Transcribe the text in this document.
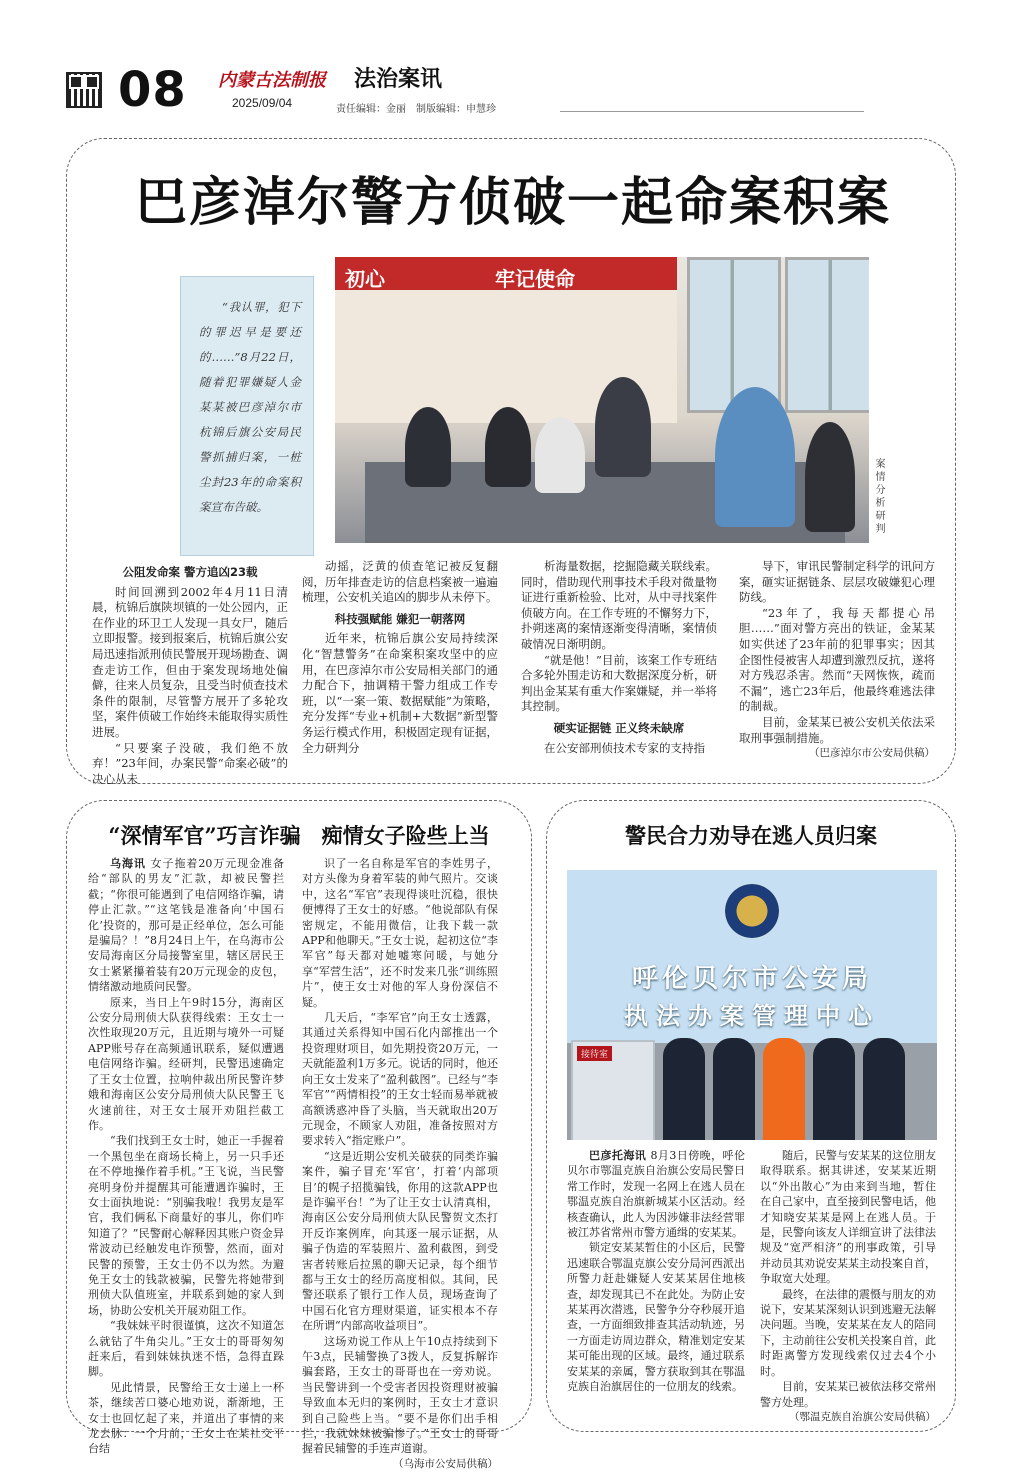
08 内蒙古法制报
2025/09/04
法治案讯
责任编辑：金丽　制版编辑：申慧珍
巴彦淖尔警方侦破一起命案积案
初心	牢记使命
案情分析研判
“我认罪，犯下的罪迟早是要还的……”8月22日，随着犯罪嫌疑人金某某被巴彦淖尔市杭锦后旗公安局民警抓捕归案，一桩尘封23年的命案积案宣布告破。

公阻发命案 警方追凶23载

时间回溯到2002年4月11日清晨，杭锦后旗陕坝镇的一处公园内，正在作业的环卫工人发现一具女尸，随后立即报警。接到报案后，杭锦后旗公安局迅速指派刑侦民警展开现场勘查、调查走访工作，但由于案发现场地处偏僻，往来人员复杂，且受当时侦查技术条件的限制，尽管警方展开了多轮攻坚，案件侦破工作始终未能取得实质性进展。

“只要案子没破，我们绝不放弃！”23年间，办案民警“命案必破”的决心从未

动摇，泛黄的侦查笔记被反复翻阅，历年排查走访的信息档案被一遍遍梳理，公安机关追凶的脚步从未停下。

科技强赋能 嫌犯一朝落网

近年来，杭锦后旗公安局持续深化“智慧警务”在命案积案攻坚中的应用，在巴彦淖尔市公安局相关部门的通力配合下，抽调精干警力组成工作专班，以“一案一策、数据赋能”为策略，充分发挥“专业+机制+大数据”新型警务运行模式作用，积极固定现有证据，全力研判分

析海量数据，挖掘隐藏关联线索。同时，借助现代刑事技术手段对微量物证进行重新检验、比对，从中寻找案件侦破方向。在工作专班的不懈努力下，扑朔迷离的案情逐渐变得清晰，案情侦破情况日渐明朗。

“就是他！”目前，该案工作专班结合多轮外围走访和大数据深度分析，研判出金某某有重大作案嫌疑，并一举将其控制。

硬实证据链 正义终未缺席

在公安部刑侦技术专家的支持指

导下，审讯民警制定科学的讯问方案，砸实证据链条、层层攻破嫌犯心理防线。

“23年了，我每天都提心吊胆……”面对警方亮出的铁证，金某某如实供述了23年前的犯罪事实；因其企图性侵被害人却遭到激烈反抗，遂将对方残忍杀害。然而“天网恢恢，疏而不漏”，逃亡23年后，他最终难逃法律的制裁。

目前，金某某已被公安机关依法采取刑事强制措施。

（巴彦淖尔市公安局供稿）

“深情军官”巧言诈骗　痴情女子险些上当

乌海讯 女子拖着20万元现金准备给“部队的男友”汇款，却被民警拦截；“你很可能遇到了电信网络诈骗，请停止汇款。”“这笔钱是准备向‘中国石化’投资的，那可是正经单位，怎么可能是骗局？！”8月24日上午，在乌海市公安局海南区分局接警室里，辖区居民王女士紧紧攥着装有20万元现金的皮包，情绪激动地质问民警。

原来，当日上午9时15分，海南区公安分局刑侦大队获得线索：王女士一次性取现20万元，且近期与境外一可疑APP账号存在高频通讯联系，疑似遭遇电信网络诈骗。经研判，民警迅速确定了王女士位置，拉响仲裁出所民警许梦娥和海南区公安分局刑侦大队民警王飞火速前往，对王女士展开劝阻拦截工作。

“我们找到王女士时，她正一手握着一个黑包坐在商场长椅上，另一只手还在不停地操作着手机。”王飞说，当民警亮明身份并提醒其可能遭遇诈骗时，王女士面执地说：“别骗我啦！我男友是军官，我们俩私下商量好的事儿，你们咋知道了？”民警耐心解释因其账户资金异常波动已经触发电诈预警，然而，面对民警的预警，王女士仍不以为然。为避免王女士的钱款被骗，民警先将她带到刑侦大队值班室，并联系到她的家人到场，协助公安机关开展劝阻工作。

“我妹妹平时很谨慎，这次不知道怎么就钻了牛角尖儿。”王女士的哥哥匆匆赶来后，看到妹妹执迷不悟，急得直跺脚。

见此情景，民警给王女士递上一杯茶，继续苦口婆心地劝说，渐渐地，王女士也回忆起了来，并道出了事情的来龙去脉：一个月前，王女士在某社交平台结

识了一名自称是军官的李姓男子，对方头像为身着军装的帅气照片。交谈中，这名“军官”表现得谈吐沉稳，很快便博得了王女士的好感。“他说部队有保密规定，不能用微信，让我下载一款APP和他聊天。”王女士说，起初这位“李军官”每天都对她嘘寒问暖，与她分享“军营生活”，还不时发来几张“训练照片”，使王女士对他的军人身份深信不疑。

几天后，“李军官”向王女士透露，其通过关系得知中国石化内部推出一个投资理财项目，如先期投资20万元，一天就能盈利1万多元。说话的同时，他还向王女士发来了“盈利截图”。已经与“李军官”“两情相投”的王女士轻而易举就被高额诱惑冲昏了头脑，当天就取出20万元现金，不顾家人劝阻，准备按照对方要求转入“指定账户”。

“这是近期公安机关破获的同类诈骗案件，骗子冒充‘军官’，打着‘内部项目’的幌子招揽骗钱，你用的这款APP也是诈骗平台！”为了让王女士认清真相，海南区公安分局刑侦大队民警贺文杰打开反诈案例库，向其逐一展示证据，从骗子伪造的军装照片、盈利截图，到受害者转账后拉黑的聊天记录，每个细节都与王女士的经历高度相似。其间，民警还联系了银行工作人员，现场查询了中国石化官方理财渠道，证实根本不存在所谓“内部高收益项目”。

这场劝说工作从上午10点持续到下午3点，民辅警换了3拨人，反复拆解诈骗套路，王女士的哥哥也在一旁劝说。当民警讲到一个受害者因投资理财被骗导致血本无归的案例时，王女士才意识到自己险些上当。“要不是你们出手相拦，我就妹妹被骗惨了。”王女士的哥哥握着民辅警的手连声道谢。

（乌海市公安局供稿）

警民合力劝导在逃人员归案
呼伦贝尔市公安局
执法办案管理中心
接待室

巴彦托海讯 8月3日傍晚，呼伦贝尔市鄂温克族自治旗公安局民警日常工作时，发现一名网上在逃人员在鄂温克族自治旗新城某小区活动。经核查确认，此人为因涉嫌非法经营罪被江苏省常州市警方通缉的安某某。

锁定安某某暂住的小区后，民警迅速联合鄂温克旗公安分局河西派出所警力赶赴嫌疑人安某某居住地核查，却发现其已不在此处。为防止安某某再次潜逃，民警争分夺秒展开追查，一方面细致排查其活动轨迹，另一方面走访周边群众，精准划定安某某可能出现的区域。最终，通过联系安某某的亲属，警方获取到其在鄂温克族自治旗居住的一位朋友的线索。

随后，民警与安某某的这位朋友取得联系。据其讲述，安某某近期以“外出散心”为由来到当地，暂住在自己家中，直至接到民警电话，他才知晓安某某是网上在逃人员。于是，民警向该友人详细宣讲了法律法规及“宽严相济”的刑事政策，引导并动员其劝说安某某主动投案自首，争取宽大处理。

最终，在法律的震慑与朋友的劝说下，安某某深刻认识到逃避无法解决问题。当晚，安某某在友人的陪同下，主动前往公安机关投案自首，此时距离警方发现线索仅过去4个小时。

目前，安某某已被依法移交常州警方处理。

（鄂温克族自治旗公安局供稿）
